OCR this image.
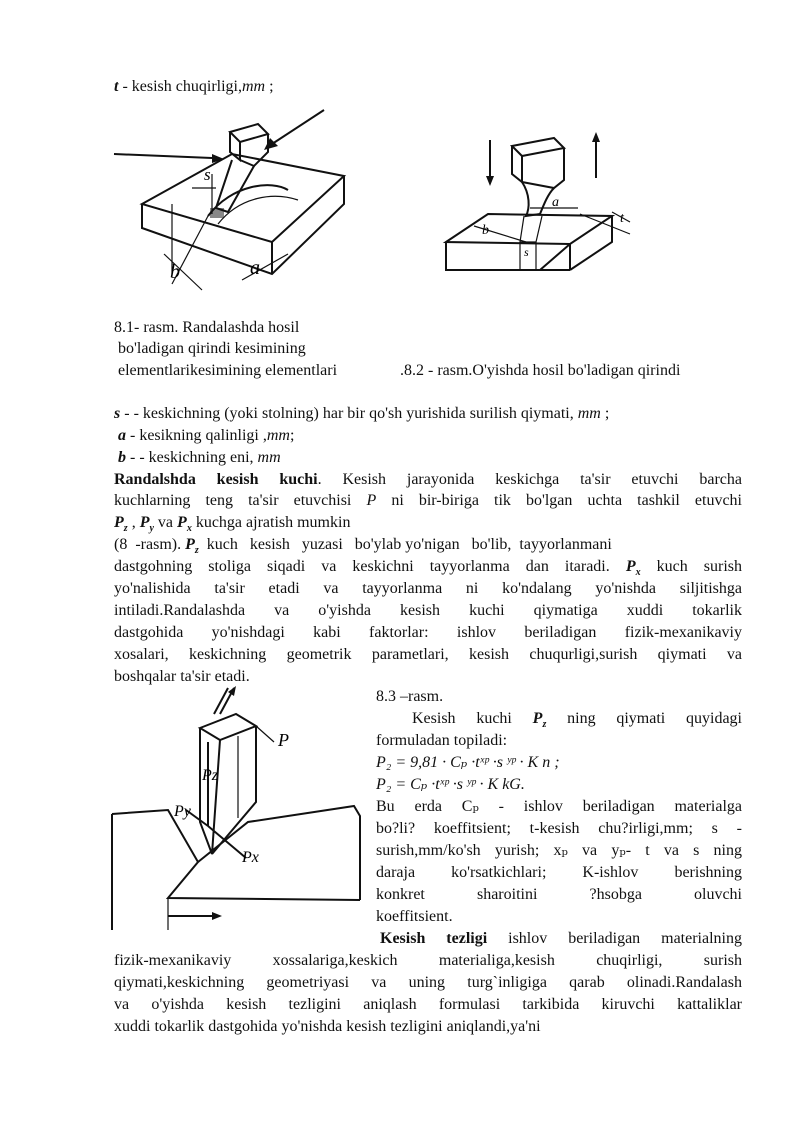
t - kesish chuqirligi,mm ;
s
b	a
a
b
t
s
8.1- rasm. Randalashda hosil
bo'ladigan qirindi kesimining
elementlarikesimining elementlari	.8.2 - rasm.O'yishda hosil bo'ladigan qirindi
s - - keskichning (yoki stolning) har bir qo'sh yurishida surilish qiymati, mm ;
a - kesikning qalinligi ,mm;
b - - keskichning eni, mm
Randalshda kesish kuchi. Kesish jarayonida keskichga ta'sir etuvchi barcha
kuchlarning teng ta'sir etuvchisi P ni bir-biriga tik bo'lgan uchta tashkil etuvchi
$P_z$ , $P_y$ va $P_x$ kuchga ajratish mumkin
(8  -rasm). $P_z$  kuch   kesish   yuzasi   bo'ylab yo'nigan   bo'lib,  tayyorlanmani
dastgohning stoliga siqadi va keskichni tayyorlanma dan itaradi. $P_x$ kuch surish
yo'nalishida ta'sir etadi va tayyorlanma ni ko'ndalang yo'nishda siljitishga
intiladi.Randalashda va o'yishda kesish kuchi qiymatiga xuddi tokarlik
dastgohida yo'nishdagi kabi faktorlar: ishlov beriladigan fizik-mexanikaviy
xosalari, keskichning geometrik parametlari, kesish chuqurligi,surish qiymati va
boshqalar ta'sir etadi.
P
Pz
Py
Px
8.3 –rasm.
Kesish kuchi $P_z$ ning qiymati quyidagi
formuladan topiladi:
P₂ = 9,81 · Cₚ ·tˣᵖ ·s ʸᵖ · K n ;
P₂ = Cₚ ·tˣᵖ ·s ʸᵖ · K kG.
Bu erda Cₚ - ishlov beriladigan materialga
bo?li? koeffitsient; t-kesish chu?irligi,mm; s -
surish,mm/ko'sh yurish; xₚ va yₚ- t va s ning
daraja ko'rsatkichlari; K-ishlov berishning
konkret sharoitini ?hsobga oluvchi
koeffitsient.
Kesish tezligi ishlov beriladigan materialning
fizik-mexanikaviy xossalariga,keskich materialiga,kesish chuqirligi, surish
qiymati,keskichning geometriyasi va uning turg`inligiga qarab olinadi.Randalash
va o'yishda kesish tezligini aniqlash formulasi tarkibida kiruvchi kattaliklar
xuddi tokarlik dastgohida yo'nishda kesish tezligini aniqlandi,ya'ni
